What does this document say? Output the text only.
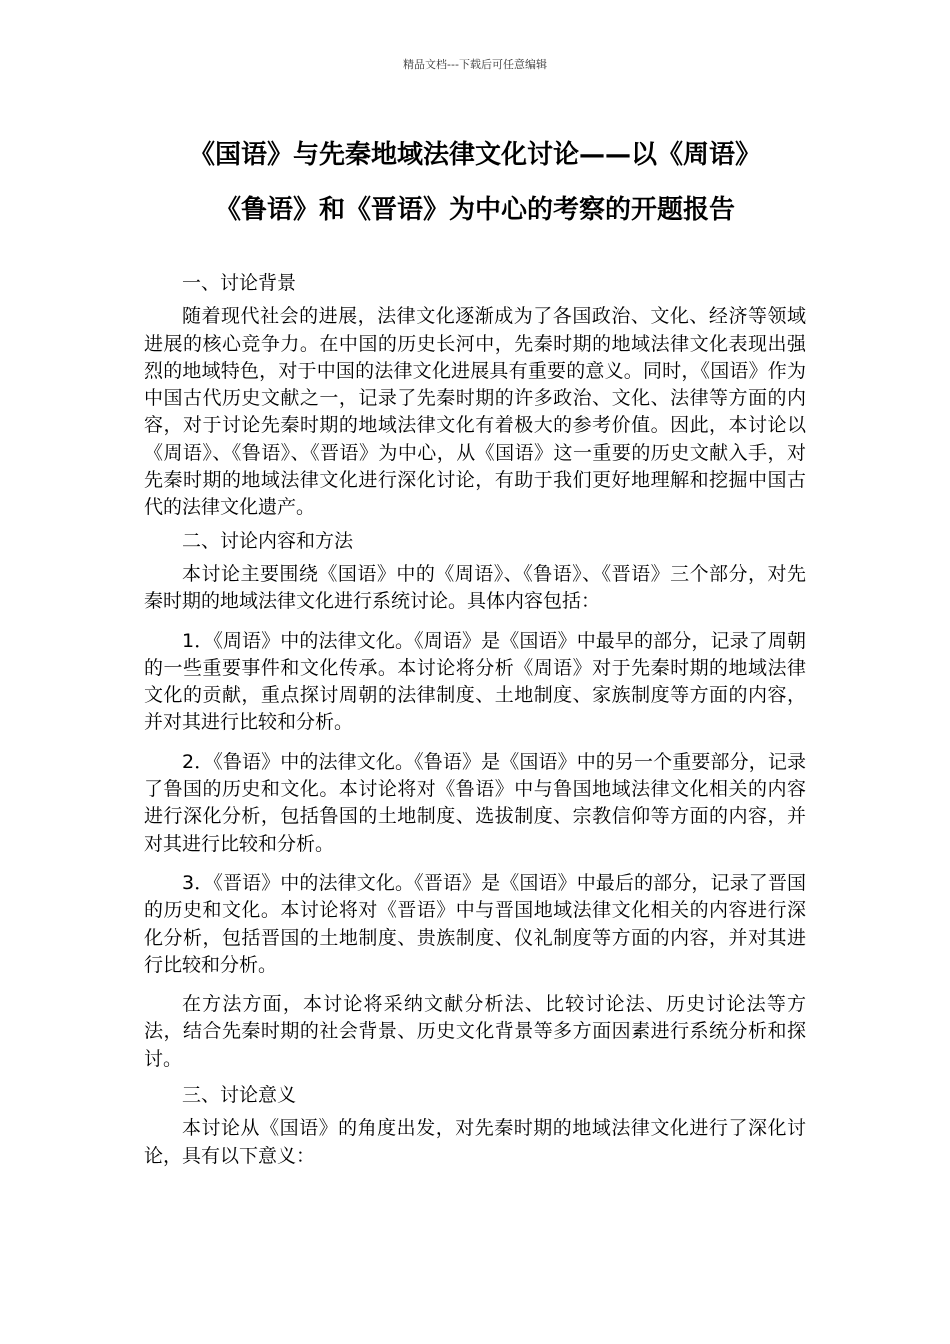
精品文档---下载后可任意编辑
《国语》与先秦地域法律文化讨论——以《周语》
《鲁语》和《晋语》为中心的考察的开题报告

一、讨论背景

随着现代社会的进展，法律文化逐渐成为了各国政治、文化、经济等领域进展的核心竞争力。在中国的历史长河中，先秦时期的地域法律文化表现出强烈的地域特色，对于中国的法律文化进展具有重要的意义。同时，《国语》作为中国古代历史文献之一，记录了先秦时期的许多政治、文化、法律等方面的内容，对于讨论先秦时期的地域法律文化有着极大的参考价值。因此，本讨论以《周语》、《鲁语》、《晋语》为中心，从《国语》这一重要的历史文献入手，对先秦时期的地域法律文化进行深化讨论，有助于我们更好地理解和挖掘中国古代的法律文化遗产。

二、讨论内容和方法

本讨论主要围绕《国语》中的《周语》、《鲁语》、《晋语》三个部分，对先秦时期的地域法律文化进行系统讨论。具体内容包括：

1．《周语》中的法律文化。《周语》是《国语》中最早的部分，记录了周朝的一些重要事件和文化传承。本讨论将分析《周语》对于先秦时期的地域法律文化的贡献，重点探讨周朝的法律制度、土地制度、家族制度等方面的内容，并对其进行比较和分析。

2．《鲁语》中的法律文化。《鲁语》是《国语》中的另一个重要部分，记录了鲁国的历史和文化。本讨论将对《鲁语》中与鲁国地域法律文化相关的内容进行深化分析，包括鲁国的土地制度、选拔制度、宗教信仰等方面的内容，并对其进行比较和分析。

3．《晋语》中的法律文化。《晋语》是《国语》中最后的部分，记录了晋国的历史和文化。本讨论将对《晋语》中与晋国地域法律文化相关的内容进行深化分析，包括晋国的土地制度、贵族制度、仪礼制度等方面的内容，并对其进行比较和分析。

在方法方面，本讨论将采纳文献分析法、比较讨论法、历史讨论法等方法，结合先秦时期的社会背景、历史文化背景等多方面因素进行系统分析和探讨。

三、讨论意义

本讨论从《国语》的角度出发，对先秦时期的地域法律文化进行了深化讨论，具有以下意义：
